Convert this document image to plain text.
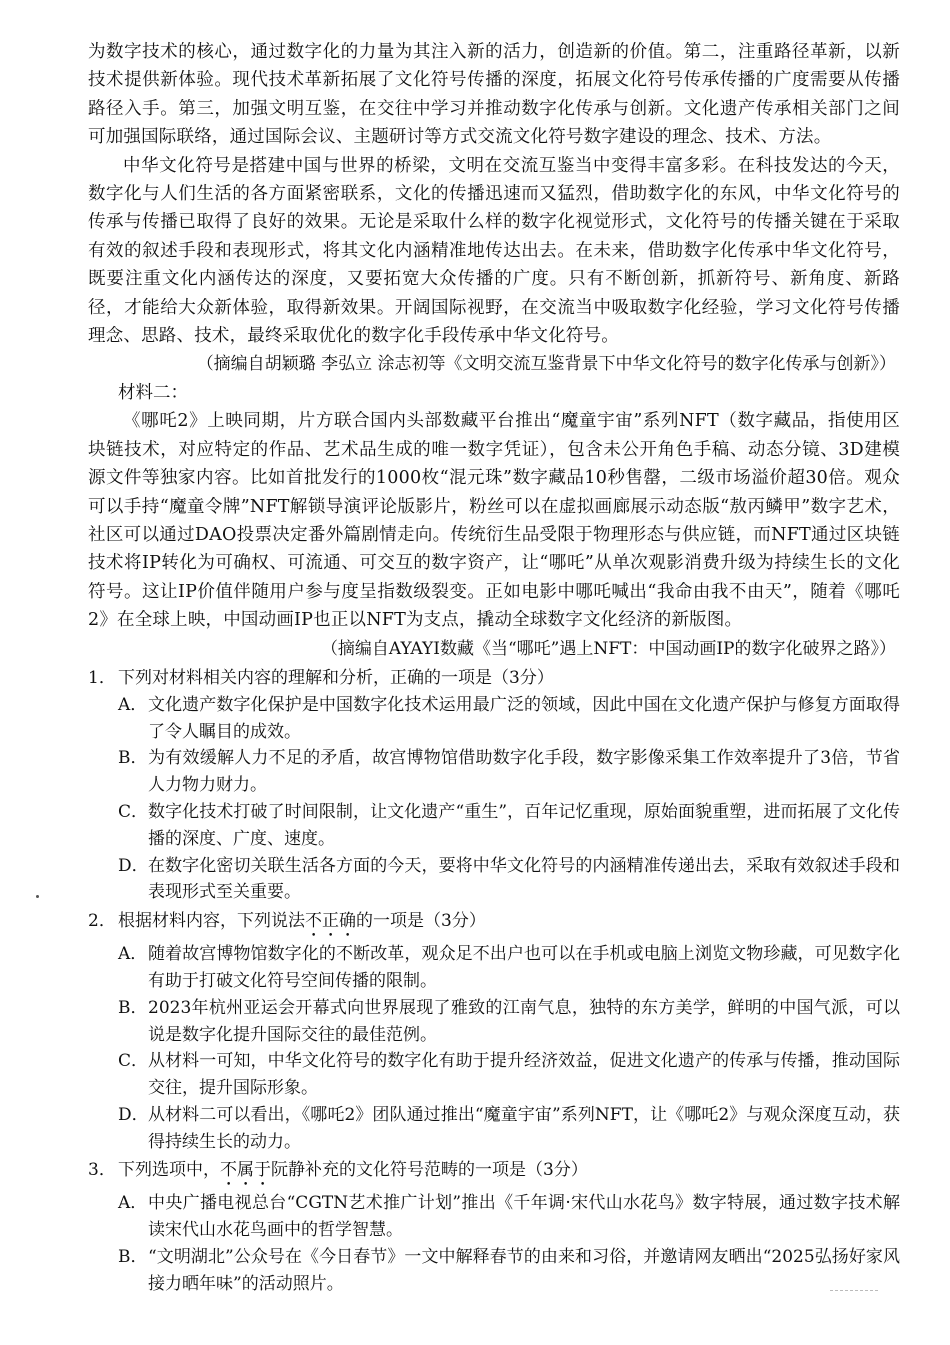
为数字技术的核心，通过数字化的力量为其注入新的活力，创造新的价值。第二，注重路径革新，以新技术提供新体验。现代技术革新拓展了文化符号传播的深度，拓展文化符号传承传播的广度需要从传播路径入手。第三，加强文明互鉴，在交往中学习并推动数字化传承与创新。文化遗产传承相关部门之间可加强国际联络，通过国际会议、主题研讨等方式交流文化符号数字建设的理念、技术、方法。

中华文化符号是搭建中国与世界的桥梁，文明在交流互鉴当中变得丰富多彩。在科技发达的今天，数字化与人们生活的各方面紧密联系，文化的传播迅速而又猛烈，借助数字化的东风，中华文化符号的传承与传播已取得了良好的效果。无论是采取什么样的数字化视觉形式，文化符号的传播关键在于采取有效的叙述手段和表现形式，将其文化内涵精准地传达出去。在未来，借助数字化传承中华文化符号，既要注重文化内涵传达的深度，又要拓宽大众传播的广度。只有不断创新，抓新符号、新角度、新路径，才能给大众新体验，取得新效果。开阔国际视野，在交流当中吸取数字化经验，学习文化符号传播理念、思路、技术，最终采取优化的数字化手段传承中华文化符号。

（摘编自胡颖璐 李弘立 涂志初等《文明交流互鉴背景下中华文化符号的数字化传承与创新》）

材料二：

《哪吒2》上映同期，片方联合国内头部数藏平台推出“魔童宇宙”系列NFT（数字藏品，指使用区块链技术，对应特定的作品、艺术品生成的唯一数字凭证），包含未公开角色手稿、动态分镜、3D建模源文件等独家内容。比如首批发行的1000枚“混元珠”数字藏品10秒售罄，二级市场溢价超30倍。观众可以手持“魔童令牌”NFT解锁导演评论版影片，粉丝可以在虚拟画廊展示动态版“敖丙鳞甲”数字艺术，社区可以通过DAO投票决定番外篇剧情走向。传统衍生品受限于物理形态与供应链，而NFT通过区块链技术将IP转化为可确权、可流通、可交互的数字资产，让“哪吒”从单次观影消费升级为持续生长的文化符号。这让IP价值伴随用户参与度呈指数级裂变。正如电影中哪吒喊出“我命由我不由天”，随着《哪吒2》在全球上映，中国动画IP也正以NFT为支点，撬动全球数字文化经济的新版图。

（摘编自AYAYI数藏《当“哪吒”遇上NFT：中国动画IP的数字化破界之路》）

1． 下列对材料相关内容的理解和分析，正确的一项是（3分）

A． 文化遗产数字化保护是中国数字化技术运用最广泛的领域，因此中国在文化遗产保护与修复方面取得了令人瞩目的成效。

B． 为有效缓解人力不足的矛盾，故宫博物馆借助数字化手段，数字影像采集工作效率提升了3倍，节省人力物力财力。

C． 数字化技术打破了时间限制，让文化遗产“重生”，百年记忆重现，原始面貌重塑，进而拓展了文化传播的深度、广度、速度。

D． 在数字化密切关联生活各方面的今天，要将中华文化符号的内涵精准传递出去，采取有效叙述手段和表现形式至关重要。

2． 根据材料内容，下列说法不正确的一项是（3分）

A． 随着故宫博物馆数字化的不断改革，观众足不出户也可以在手机或电脑上浏览文物珍藏，可见数字化有助于打破文化符号空间传播的限制。

B． 2023年杭州亚运会开幕式向世界展现了雅致的江南气息，独特的东方美学，鲜明的中国气派，可以说是数字化提升国际交往的最佳范例。

C． 从材料一可知，中华文化符号的数字化有助于提升经济效益，促进文化遗产的传承与传播，推动国际交往，提升国际形象。

D． 从材料二可以看出，《哪吒2》团队通过推出“魔童宇宙”系列NFT，让《哪吒2》与观众深度互动，获得持续生长的动力。

3． 下列选项中，不属于阮静补充的文化符号范畴的一项是（3分）

A． 中央广播电视总台“CGTN艺术推广计划”推出《千年调·宋代山水花鸟》数字特展，通过数字技术解读宋代山水花鸟画中的哲学智慧。

B． “文明湖北”公众号在《今日春节》一文中解释春节的由来和习俗，并邀请网友晒出“2025弘扬好家风接力晒年味”的活动照片。
